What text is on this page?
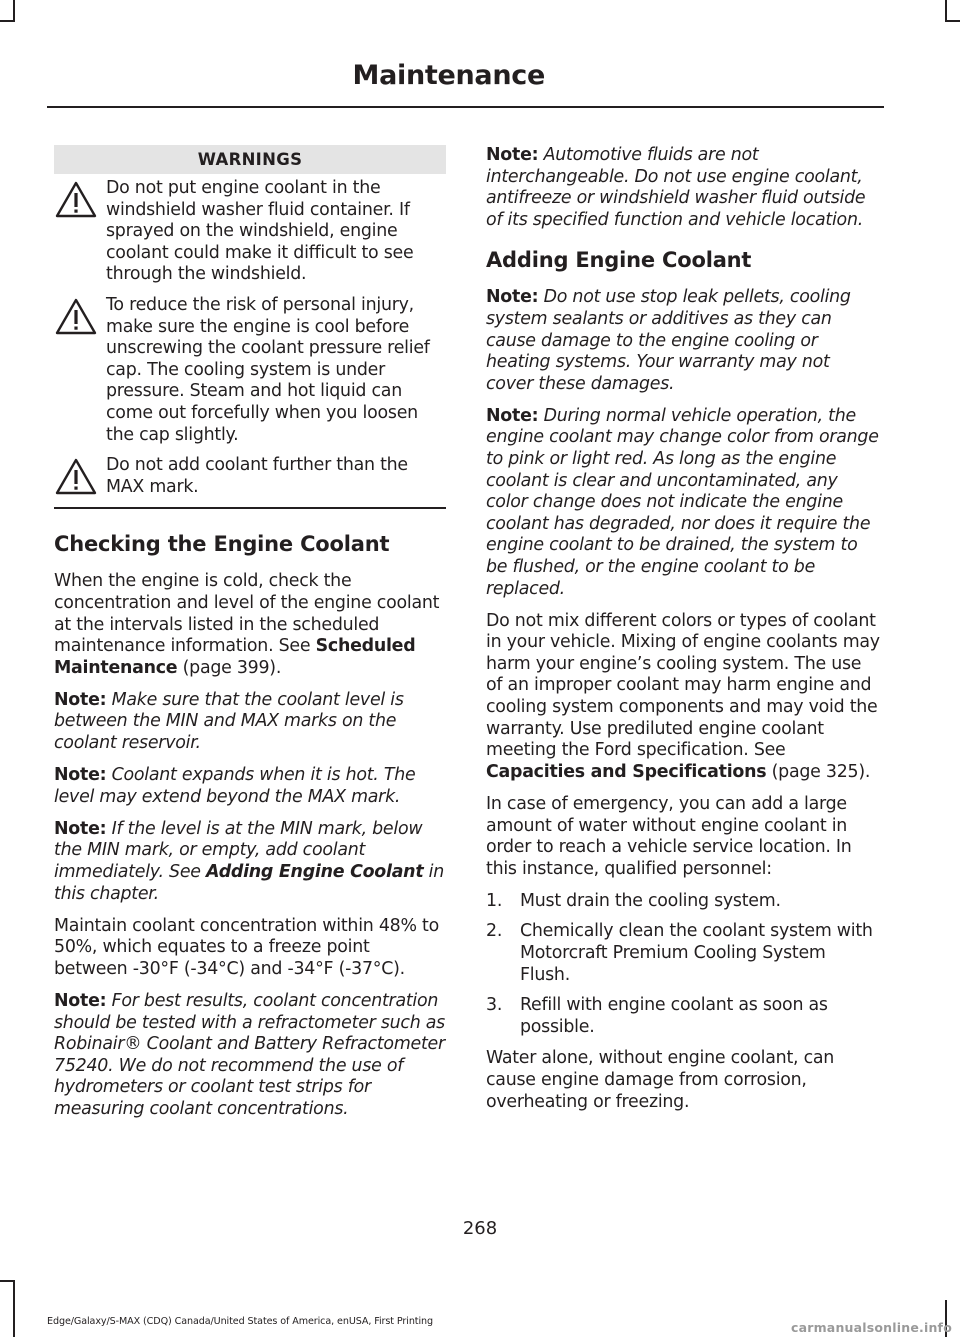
Maintenance
WARNINGS
Do not put engine coolant in the windshield washer fluid container. If sprayed on the windshield, engine coolant could make it difficult to see through the windshield.
To reduce the risk of personal injury, make sure the engine is cool before unscrewing the coolant pressure relief cap. The cooling system is under pressure. Steam and hot liquid can come out forcefully when you loosen the cap slightly.
Do not add coolant further than the MAX mark.
Checking the Engine Coolant

When the engine is cold, check the concentration and level of the engine coolant at the intervals listed in the scheduled maintenance information. See Scheduled Maintenance (page 399).

Note: Make sure that the coolant level is between the MIN and MAX marks on the coolant reservoir.

Note: Coolant expands when it is hot. The level may extend beyond the MAX mark.

Note: If the level is at the MIN mark, below the MIN mark, or empty, add coolant immediately. See Adding Engine Coolant in this chapter.

Maintain coolant concentration within 48% to 50%, which equates to a freeze point between -30°F (-34°C) and -34°F (-37°C).

Note: For best results, coolant concentration should be tested with a refractometer such as Robinair® Coolant and Battery Refractometer 75240. We do not recommend the use of hydrometers or coolant test strips for measuring coolant concentrations.

Note: Automotive fluids are not interchangeable. Do not use engine coolant, antifreeze or windshield washer fluid outside of its specified function and vehicle location.

Adding Engine Coolant

Note: Do not use stop leak pellets, cooling system sealants or additives as they can cause damage to the engine cooling or heating systems. Your warranty may not cover these damages.

Note: During normal vehicle operation, the engine coolant may change color from orange to pink or light red. As long as the engine coolant is clear and uncontaminated, any color change does not indicate the engine coolant has degraded, nor does it require the engine coolant to be drained, the system to be flushed, or the engine coolant to be replaced.

Do not mix different colors or types of coolant in your vehicle. Mixing of engine coolants may harm your engine’s cooling system. The use of an improper coolant may harm engine and cooling system components and may void the warranty. Use prediluted engine coolant meeting the Ford specification. See Capacities and Specifications (page 325).

In case of emergency, you can add a large amount of water without engine coolant in order to reach a vehicle service location. In this instance, qualified personnel:

1. Must drain the cooling system.
2. Chemically clean the coolant system with Motorcraft Premium Cooling System Flush.
3. Refill with engine coolant as soon as possible.

Water alone, without engine coolant, can cause engine damage from corrosion, overheating or freezing.

268
Edge/Galaxy/S-MAX (CDQ) Canada/United States of America, enUSA, First Printing	carmanualsonline.info
